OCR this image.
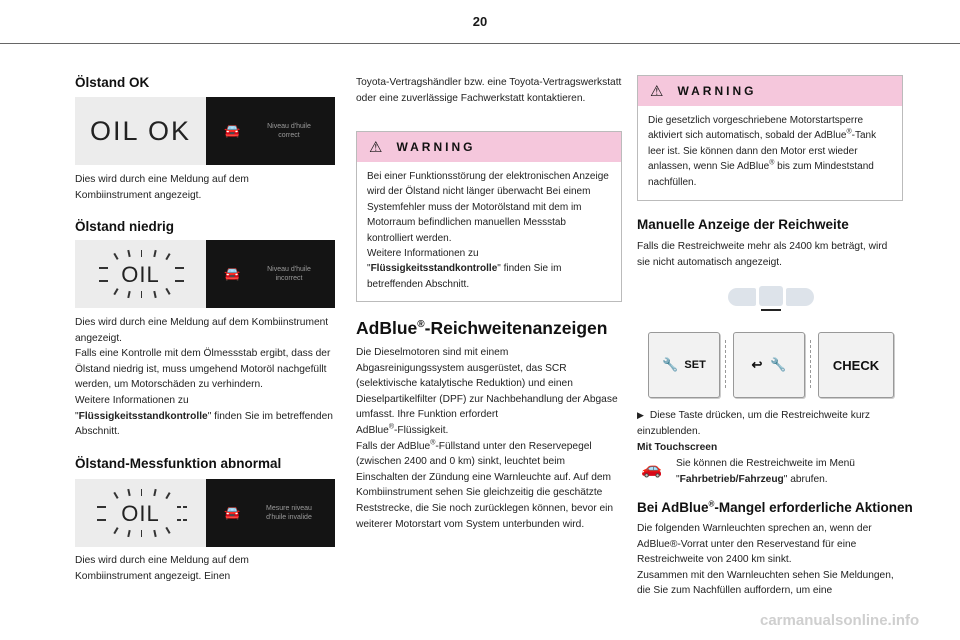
20
Ölstand OK
OIL OK	🚘	Niveau d'huile correct
Dies wird durch eine Meldung auf dem Kombiinstrument angezeigt.
Ölstand niedrig
OIL	🚘	Niveau d'huile incorrect
Dies wird durch eine Meldung auf dem Kombiinstrument angezeigt.
Falls eine Kontrolle mit dem Ölmessstab ergibt, dass der Ölstand niedrig ist, muss umgehend Motoröl nachgefüllt werden, um Motorschäden zu verhindern.
Weitere Informationen zu
"Flüssigkeitsstandkontrolle" finden Sie im betreffenden Abschnitt.
Ölstand-Messfunktion abnormal
OIL	🚘	Mesure niveau d'huile invalide
Dies wird durch eine Meldung auf dem Kombiinstrument angezeigt. Einen
Toyota-Vertragshändler bzw. eine Toyota-Vertragswerkstatt oder eine zuverlässige Fachwerkstatt kontaktieren.
⚠ WARNING
Bei einer Funktionsstörung der elektronischen Anzeige wird der Ölstand nicht länger überwacht Bei einem Systemfehler muss der Motorölstand mit dem im Motorraum befindlichen manuellen Messstab kontrolliert werden.
Weitere Informationen zu
"Flüssigkeitsstandkontrolle" finden Sie im betreffenden Abschnitt.
AdBlue®-Reichweitenanzeigen
Die Dieselmotoren sind mit einem Abgasreinigungssystem ausgerüstet, das SCR (selektivische katalytische Reduktion) und einen Dieselpartikelfilter (DPF) zur Nachbehandlung der Abgase umfasst. Ihre Funktion erfordert
AdBlue®-Flüssigkeit.
Falls der AdBlue®-Füllstand unter den Reservepegel (zwischen 2400 and 0 km) sinkt, leuchtet beim Einschalten der Zündung eine Warnleuchte auf. Auf dem Kombiinstrument sehen Sie gleichzeitig die geschätzte Reststrecke, die Sie noch zurücklegen können, bevor ein weiterer Motorstart vom System unterbunden wird.
⚠ WARNING
Die gesetzlich vorgeschriebene Motorstartsperre aktiviert sich automatisch, sobald der AdBlue®-Tank leer ist. Sie können dann den Motor erst wieder anlassen, wenn Sie AdBlue® bis zum Mindeststand nachfüllen.
Manuelle Anzeige der Reichweite
Falls die Restreichweite mehr als 2400 km beträgt, wird sie nicht automatisch angezeigt.
🔧 SET	↩ 🔧	CHECK
▶ Diese Taste drücken, um die Restreichweite kurz einzublenden.
Mit Touchscreen
🚗 Sie können die Restreichweite im Menü "Fahrbetrieb/Fahrzeug" abrufen.
Bei AdBlue®-Mangel erforderliche Aktionen
Die folgenden Warnleuchten sprechen an, wenn der AdBlue®-Vorrat unter den Reservestand für eine Restreichweite von 2400 km sinkt.
Zusammen mit den Warnleuchten sehen Sie Meldungen, die Sie zum Nachfüllen auffordern, um eine
carmanualsonline.info
